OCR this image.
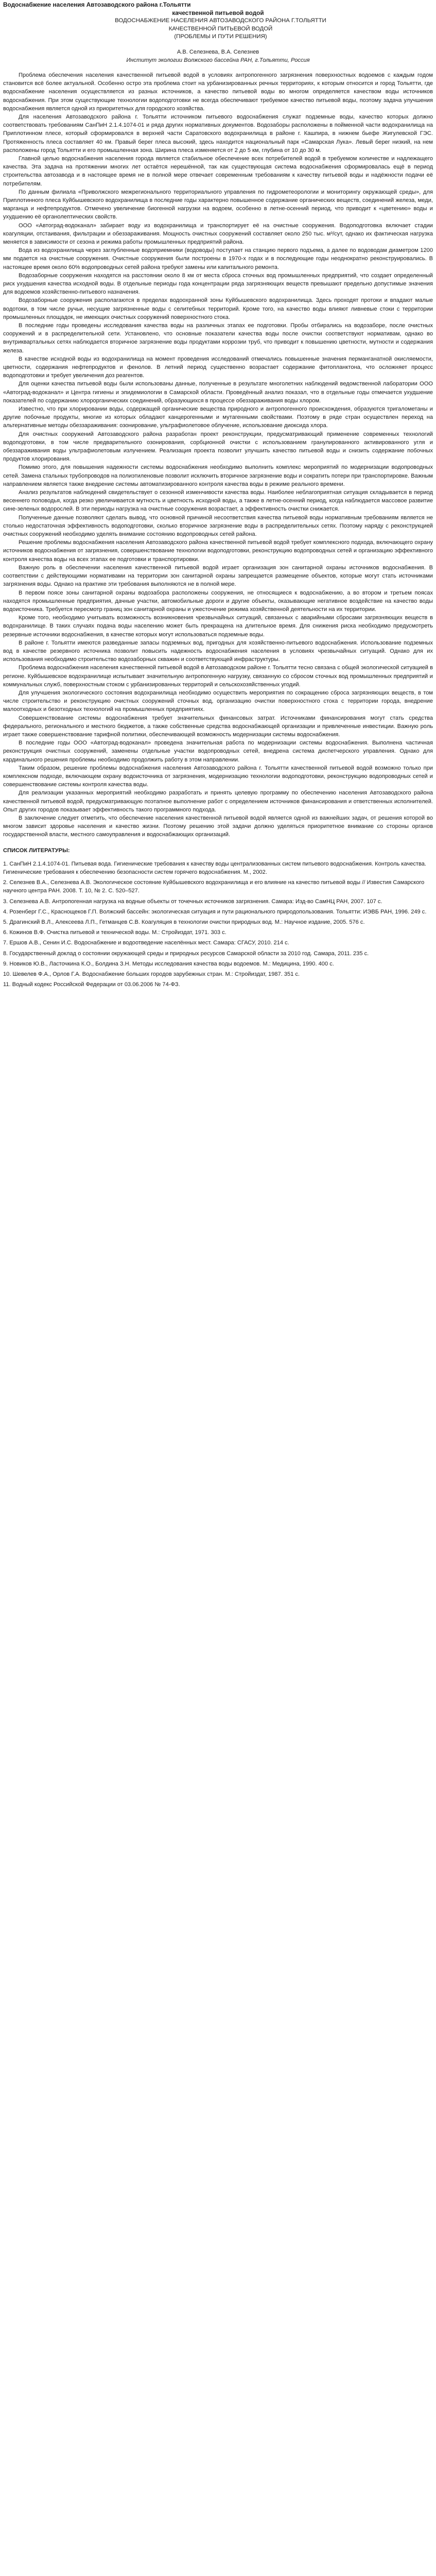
Водоснабжение населения Автозаводского района г.Тольятти
качественной питьевой водой
ВОДОСНАБЖЕНИЕ НАСЕЛЕНИЯ АВТОЗАВОДСКОГО РАЙОНА Г.ТОЛЬЯТТИ
КАЧЕСТВЕННОЙ ПИТЬЕВОЙ ВОДОЙ
(ПРОБЛЕМЫ И ПУТИ РЕШЕНИЯ)
А.В. Селезнева, В.А. Селезнев
Институт экологии Волжского бассейна РАН, г.Тольятти, Россия

Проблема обеспечения населения качественной питьевой водой в условиях антропогенного загрязнения поверхностных водоемов с каждым годом становится всё более актуальной. Особенно остро эта проблема стоит на урбанизированных речных территориях, к которым относится и город Тольятти, где водоснабжение населения осуществляется из разных источников, а качество питьевой воды во многом определяется качеством воды источников водоснабжения. При этом существующие технологии водоподготовки не всегда обеспечивают требуемое качество питьевой воды, поэтому задача улучшения водоснабжения является одной из приоритетных для городского хозяйства.

Для населения Автозаводского района г. Тольятти источником питьевого водоснабжения служат подземные воды, качество которых должно соответствовать требованиям СанПиН 2.1.4.1074-01 и ряда других нормативных документов. Водозаборы расположены в пойменной части водохранилища на Приплотинном плесе, который сформировался в верхней части Саратовского водохранилища в районе г. Кашпира, в нижнем бьефе Жигулевской ГЭС. Протяженность плеса составляет 40 км. Правый берег плеса высокий, здесь находится национальный парк «Самарская Лука». Левый берег низкий, на нем расположены город Тольятти и его промышленная зона. Ширина плеса изменяется от 2 до 5 км, глубина от 10 до 30 м.

Главной целью водоснабжения населения города является стабильное обеспечение всех потребителей водой в требуемом количестве и надлежащего качества. Эта задача на протяжении многих лет остаётся нерешённой, так как существующая система водоснабжения сформировалась ещё в период строительства автозавода и в настоящее время не в полной мере отвечает современным требованиям к качеству питьевой воды и надёжности подачи её потребителям.

По данным филиала «Приволжского межрегионального территориального управления по гидрометеорологии и мониторингу окружающей среды», для Приплотинного плеса Куйбышевского водохранилища в последние годы характерно повышенное содержание органических веществ, соединений железа, меди, марганца и нефтепродуктов. Отмечено увеличение биогенной нагрузки на водоем, особенно в летне-осенний период, что приводит к «цветению» воды и ухудшению её органолептических свойств.

ООО «Автоград-водоканал» забирает воду из водохранилища и транспортирует её на очистные сооружения. Водоподготовка включает стадии коагуляции, отстаивания, фильтрации и обеззараживания. Мощность очистных сооружений составляет около 250 тыс. м³/сут, однако их фактическая нагрузка меняется в зависимости от сезона и режима работы промышленных предприятий района.

Вода из водохранилища через заглубленные водоприемники (водоводы) поступает на станцию первого подъема, а далее по водоводам диаметром 1200 мм подается на очистные сооружения. Очистные сооружения были построены в 1970-х годах и в последующие годы неоднократно реконструировались. В настоящее время около 60% водопроводных сетей района требуют замены или капитального ремонта.

Водозаборные сооружения находятся на расстоянии около 8 км от места сброса сточных вод промышленных предприятий, что создает определенный риск ухудшения качества исходной воды. В отдельные периоды года концентрации ряда загрязняющих веществ превышают предельно допустимые значения для водоемов хозяйственно-питьевого назначения.

Водозаборные сооружения располагаются в пределах водоохранной зоны Куйбышевского водохранилища. Здесь проходят протоки и впадают малые водотоки, в том числе ручьи, несущие загрязненные воды с селитебных территорий. Кроме того, на качество воды влияют ливневые стоки с территории промышленных площадок, не имеющих очистных сооружений поверхностного стока.

В последние годы проведены исследования качества воды на различных этапах ее подготовки. Пробы отбирались на водозаборе, после очистных сооружений и в распределительной сети. Установлено, что основные показатели качества воды после очистки соответствуют нормативам, однако во внутриквартальных сетях наблюдается вторичное загрязнение воды продуктами коррозии труб, что приводит к повышению цветности, мутности и содержания железа.

В качестве исходной воды из водохранилища на момент проведения исследований отмечались повышенные значения перманганатной окисляемости, цветности, содержания нефтепродуктов и фенолов. В летний период существенно возрастает содержание фитопланктона, что осложняет процесс водоподготовки и требует увеличения доз реагентов.

Для оценки качества питьевой воды были использованы данные, полученные в результате многолетних наблюдений ведомственной лаборатории ООО «Автоград-водоканал» и Центра гигиены и эпидемиологии в Самарской области. Проведённый анализ показал, что в отдельные годы отмечается ухудшение показателей по содержанию хлорорганических соединений, образующихся в процессе обеззараживания воды хлором.

Известно, что при хлорировании воды, содержащей органические вещества природного и антропогенного происхождения, образуются тригалометаны и другие побочные продукты, многие из которых обладают канцерогенными и мутагенными свойствами. Поэтому в ряде стран осуществлен переход на альтернативные методы обеззараживания: озонирование, ультрафиолетовое облучение, использование диоксида хлора.

Для очистных сооружений Автозаводского района разработан проект реконструкции, предусматривающий применение современных технологий водоподготовки, в том числе предварительного озонирования, сорбционной очистки с использованием гранулированного активированного угля и обеззараживания воды ультрафиолетовым излучением. Реализация проекта позволит улучшить качество питьевой воды и снизить содержание побочных продуктов хлорирования.

Помимо этого, для повышения надежности системы водоснабжения необходимо выполнить комплекс мероприятий по модернизации водопроводных сетей. Замена стальных трубопроводов на полиэтиленовые позволит исключить вторичное загрязнение воды и сократить потери при транспортировке. Важным направлением является также внедрение системы автоматизированного контроля качества воды в режиме реального времени.

Анализ результатов наблюдений свидетельствует о сезонной изменчивости качества воды. Наиболее неблагоприятная ситуация складывается в период весеннего половодья, когда резко увеличивается мутность и цветность исходной воды, а также в летне-осенний период, когда наблюдается массовое развитие сине-зеленых водорослей. В эти периоды нагрузка на очистные сооружения возрастает, а эффективность очистки снижается.

Полученные данные позволяют сделать вывод, что основной причиной несоответствия качества питьевой воды нормативным требованиям является не столько недостаточная эффективность водоподготовки, сколько вторичное загрязнение воды в распределительных сетях. Поэтому наряду с реконструкцией очистных сооружений необходимо уделять внимание состоянию водопроводных сетей района.

Решение проблемы водоснабжения населения Автозаводского района качественной питьевой водой требует комплексного подхода, включающего охрану источников водоснабжения от загрязнения, совершенствование технологии водоподготовки, реконструкцию водопроводных сетей и организацию эффективного контроля качества воды на всех этапах ее подготовки и транспортировки.

Важную роль в обеспечении населения качественной питьевой водой играет организация зон санитарной охраны источников водоснабжения. В соответствии с действующими нормативами на территории зон санитарной охраны запрещается размещение объектов, которые могут стать источниками загрязнения воды. Однако на практике эти требования выполняются не в полной мере.

В первом поясе зоны санитарной охраны водозабора расположены сооружения, не относящиеся к водоснабжению, а во втором и третьем поясах находятся промышленные предприятия, дачные участки, автомобильные дороги и другие объекты, оказывающие негативное воздействие на качество воды водоисточника. Требуется пересмотр границ зон санитарной охраны и ужесточение режима хозяйственной деятельности на их территории.

Кроме того, необходимо учитывать возможность возникновения чрезвычайных ситуаций, связанных с аварийными сбросами загрязняющих веществ в водохранилище. В таких случаях подача воды населению может быть прекращена на длительное время. Для снижения риска необходимо предусмотреть резервные источники водоснабжения, в качестве которых могут использоваться подземные воды.

В районе г. Тольятти имеются разведанные запасы подземных вод, пригодных для хозяйственно-питьевого водоснабжения. Использование подземных вод в качестве резервного источника позволит повысить надежность водоснабжения населения в условиях чрезвычайных ситуаций. Однако для их использования необходимо строительство водозаборных скважин и соответствующей инфраструктуры.

Проблема водоснабжения населения качественной питьевой водой в Автозаводском районе г. Тольятти тесно связана с общей экологической ситуацией в регионе. Куйбышевское водохранилище испытывает значительную антропогенную нагрузку, связанную со сбросом сточных вод промышленных предприятий и коммунальных служб, поверхностным стоком с урбанизированных территорий и сельскохозяйственных угодий.

Для улучшения экологического состояния водохранилища необходимо осуществить мероприятия по сокращению сброса загрязняющих веществ, в том числе строительство и реконструкцию очистных сооружений сточных вод, организацию очистки поверхностного стока с территории города, внедрение малоотходных и безотходных технологий на промышленных предприятиях.

Совершенствование системы водоснабжения требует значительных финансовых затрат. Источниками финансирования могут стать средства федерального, регионального и местного бюджетов, а также собственные средства водоснабжающей организации и привлеченные инвестиции. Важную роль играет также совершенствование тарифной политики, обеспечивающей возможность модернизации системы водоснабжения.

В последние годы ООО «Автоград-водоканал» проведена значительная работа по модернизации системы водоснабжения. Выполнена частичная реконструкция очистных сооружений, заменены отдельные участки водопроводных сетей, внедрена система диспетчерского управления. Однако для кардинального решения проблемы необходимо продолжить работу в этом направлении.

Таким образом, решение проблемы водоснабжения населения Автозаводского района г. Тольятти качественной питьевой водой возможно только при комплексном подходе, включающем охрану водоисточника от загрязнения, модернизацию технологии водоподготовки, реконструкцию водопроводных сетей и совершенствование системы контроля качества воды.

Для реализации указанных мероприятий необходимо разработать и принять целевую программу по обеспечению населения Автозаводского района качественной питьевой водой, предусматривающую поэтапное выполнение работ с определением источников финансирования и ответственных исполнителей. Опыт других городов показывает эффективность такого программного подхода.

В заключение следует отметить, что обеспечение населения качественной питьевой водой является одной из важнейших задач, от решения которой во многом зависит здоровье населения и качество жизни. Поэтому решению этой задачи должно уделяться приоритетное внимание со стороны органов государственной власти, местного самоуправления и водоснабжающих организаций.

СПИСОК ЛИТЕРАТУРЫ:
1. СанПиН 2.1.4.1074-01. Питьевая вода. Гигиенические требования к качеству воды централизованных систем питьевого водоснабжения. Контроль качества. Гигиенические требования к обеспечению безопасности систем горячего водоснабжения. М., 2002.
2. Селезнев В.А., Селезнева А.В. Экологическое состояние Куйбышевского водохранилища и его влияние на качество питьевой воды // Известия Самарского научного центра РАН. 2008. Т. 10, № 2. С. 520–527.
3. Селезнева А.В. Антропогенная нагрузка на водные объекты от точечных источников загрязнения. Самара: Изд-во СамНЦ РАН, 2007. 107 с.
4. Розенберг Г.С., Краснощеков Г.П. Волжский бассейн: экологическая ситуация и пути рационального природопользования. Тольятти: ИЭВБ РАН, 1996. 249 с.
5. Драгинский В.Л., Алексеева Л.П., Гетманцев С.В. Коагуляция в технологии очистки природных вод. М.: Научное издание, 2005. 576 с.
6. Кожинов В.Ф. Очистка питьевой и технической воды. М.: Стройиздат, 1971. 303 с.
7. Ершов А.В., Сенин И.С. Водоснабжение и водоотведение населённых мест. Самара: СГАСУ, 2010. 214 с.
8. Государственный доклад о состоянии окружающей среды и природных ресурсов Самарской области за 2010 год. Самара, 2011. 235 с.
9. Новиков Ю.В., Ласточкина К.О., Болдина З.Н. Методы исследования качества воды водоемов. М.: Медицина, 1990. 400 с.
10. Шевелев Ф.А., Орлов Г.А. Водоснабжение больших городов зарубежных стран. М.: Стройиздат, 1987. 351 с.
11. Водный кодекс Российской Федерации от 03.06.2006 № 74-ФЗ.
